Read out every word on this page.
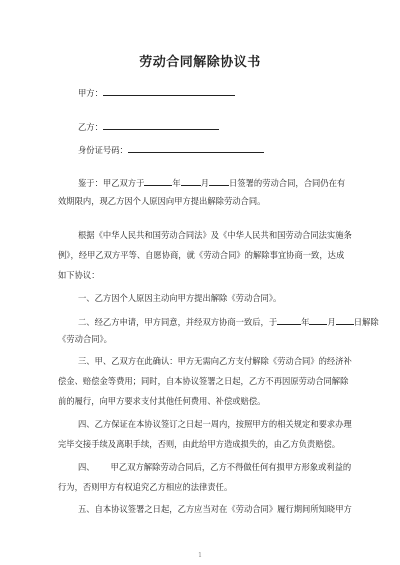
劳动合同解除协议书
甲方：
乙方：
身份证号码：
鉴于：甲乙双方于	年 月 日签署的劳动合同，合同仍在有
效期限内，现乙方因个人原因向甲方提出解除劳动合同。
根据《中华人民共和国劳动合同法》及《中华人民共和国劳动合同法实施条
例》，经甲乙双方平等、自愿协商，就《劳动合同》的解除事宜协商一致，达成
如下协议：
一、乙方因个人原因主动向甲方提出解除《劳动合同》。
二、经乙方申请，甲方同意，并经双方协商一致后，于	年 月 日解除
《劳动合同》。
三、甲、乙双方在此确认：甲方无需向乙方支付解除《劳动合同》的经济补
偿金、赔偿金等费用；同时，自本协议签署之日起，乙方不再因原劳动合同解除
前的履行，向甲方要求支付其他任何费用、补偿或赔偿。
四、乙方保证在本协议签订之日起一周内，按照甲方的相关规定和要求办理
完毕交接手续及离职手续，否则，由此给甲方造成损失的，由乙方负责赔偿。
四、 甲乙双方解除劳动合同后，乙方不得做任何有损甲方形象或利益的
行为，否则甲方有权追究乙方相应的法律责任。
五、自本协议签署之日起，乙方应当对在《劳动合同》履行期间所知晓甲方
1
